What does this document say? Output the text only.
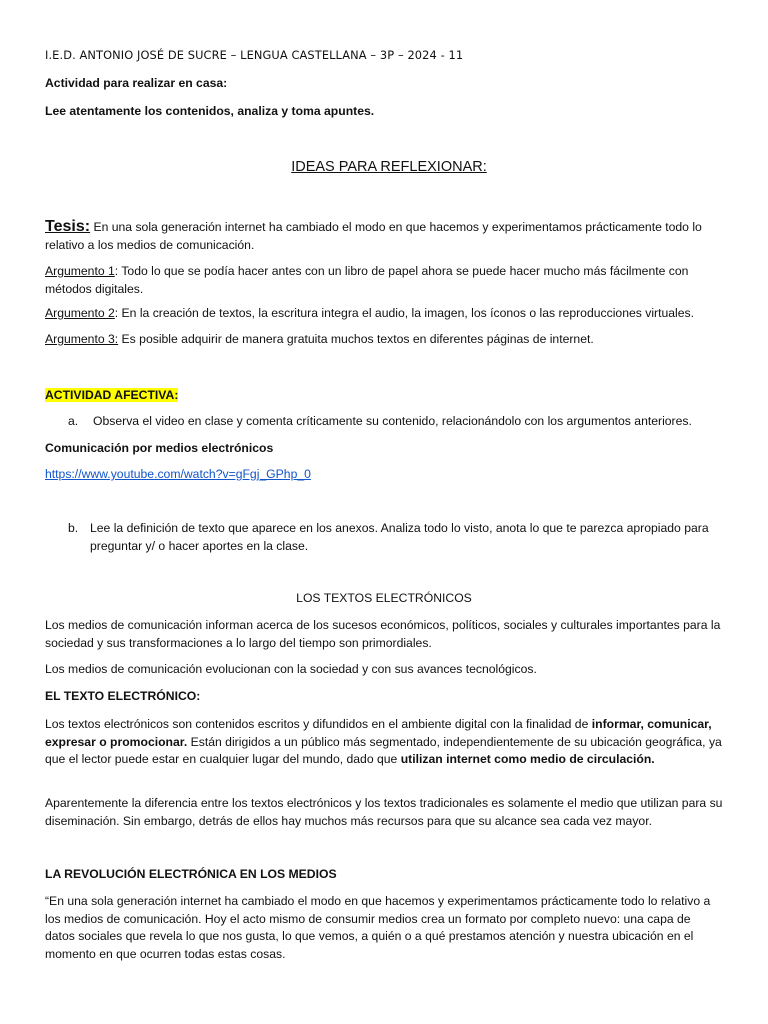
I.E.D. ANTONIO JOSÉ DE SUCRE – LENGUA CASTELLANA – 3P – 2024 - 11

Actividad para realizar en casa:

Lee atentamente los contenidos, analiza y toma apuntes.

IDEAS PARA REFLEXIONAR:

Tesis: En una sola generación internet ha cambiado el modo en que hacemos y experimentamos prácticamente todo lo relativo a los medios de comunicación.

Argumento 1: Todo lo que se podía hacer antes con un libro de papel ahora se puede hacer mucho más fácilmente con métodos digitales.

Argumento 2: En la creación de textos, la escritura integra el audio, la imagen, los íconos o las reproducciones virtuales.

Argumento 3: Es posible adquirir de manera gratuita muchos textos en diferentes páginas de internet.

ACTIVIDAD AFECTIVA:

a. Observa el video en clase y comenta críticamente su contenido, relacionándolo con los argumentos anteriores.

Comunicación por medios electrónicos

https://www.youtube.com/watch?v=gFgj_GPhp_0

b. Lee la definición de texto que aparece en los anexos. Analiza todo lo visto, anota lo que te parezca apropiado para preguntar y/ o hacer aportes en la clase.

LOS TEXTOS ELECTRÓNICOS

Los medios de comunicación informan acerca de los sucesos económicos, políticos, sociales y culturales importantes para la sociedad y sus transformaciones a lo largo del tiempo son primordiales.

Los medios de comunicación evolucionan con la sociedad y con sus avances tecnológicos.

EL TEXTO ELECTRÓNICO:

Los textos electrónicos son contenidos escritos y difundidos en el ambiente digital con la finalidad de informar, comunicar, expresar o promocionar. Están dirigidos a un público más segmentado, independientemente de su ubicación geográfica, ya que el lector puede estar en cualquier lugar del mundo, dado que utilizan internet como medio de circulación.

Aparentemente la diferencia entre los textos electrónicos y los textos tradicionales es solamente el medio que utilizan para su diseminación. Sin embargo, detrás de ellos hay muchos más recursos para que su alcance sea cada vez mayor.

LA REVOLUCIÓN ELECTRÓNICA EN LOS MEDIOS

“En una sola generación internet ha cambiado el modo en que hacemos y experimentamos prácticamente todo lo relativo a los medios de comunicación. Hoy el acto mismo de consumir medios crea un formato por completo nuevo: una capa de datos sociales que revela lo que nos gusta, lo que vemos, a quién o a qué prestamos atención y nuestra ubicación en el momento en que ocurren todas estas cosas.
